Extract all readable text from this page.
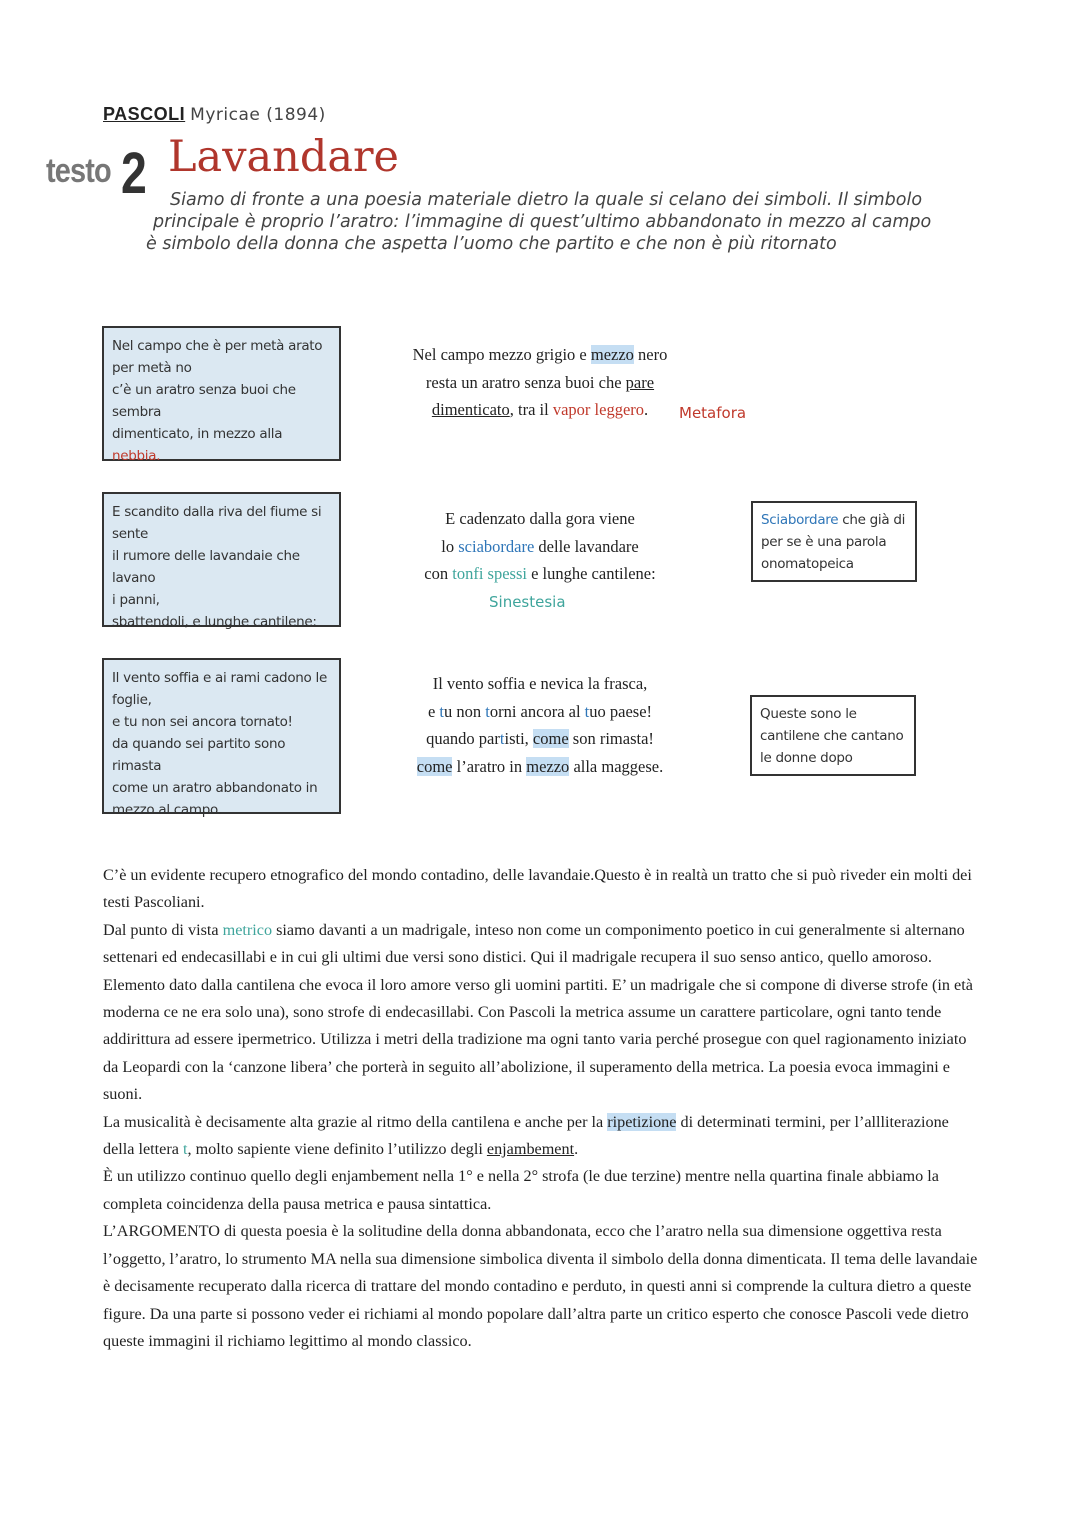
PASCOLI Myricae (1894)
testo 2 Lavandare
Siamo di fronte a una poesia materiale dietro la quale si celano dei simboli. Il simbolo
principale è proprio l’aratro: l’immagine di quest’ultimo abbandonato in mezzo al campo
è simbolo della donna che aspetta l’uomo che partito e che non è più ritornato
Nel campo che è per metà arato
per metà no
c’è un aratro senza buoi che
sembra
dimenticato, in mezzo alla nebbia.
Nel campo mezzo grigio e mezzo nero
resta un aratro senza buoi che pare
dimenticato, tra il vapor leggero.	Metafora
E scandito dalla riva del fiume si
sente
il rumore delle lavandaie che lavano
i panni,
sbattendoli, e lunghe cantilene:
E cadenzato dalla gora viene
lo sciabordare delle lavandare
con tonfi spessi e lunghe cantilene:
Sinestesia
Sciabordare che già di
per se è una parola
onomatopeica
Il vento soffia e ai rami cadono le
foglie,
e tu non sei ancora tornato!
da quando sei partito sono rimasta
come un aratro abbandonato in
mezzo al campo.
Il vento soffia e nevica la frasca,
e tu non torni ancora al tuo paese!
quando partisti, come son rimasta!
come l’aratro in mezzo alla maggese.
Queste sono le
cantilene che cantano
le donne dopo

C’è un evidente recupero etnografico del mondo contadino, delle lavandaie.Questo è in realtà un tratto che si può riveder ein molti dei testi Pascoliani.

Dal punto di vista metrico siamo davanti a un madrigale, inteso non come un componimento poetico in cui generalmente si alternano settenari ed endecasillabi e in cui gli ultimi due versi sono distici. Qui il madrigale recupera il suo senso antico, quello amoroso. Elemento dato dalla cantilena che evoca il loro amore verso gli uomini partiti. E’ un madrigale che si compone di diverse strofe (in età moderna ce ne era solo una), sono strofe di endecasillabi. Con Pascoli la metrica assume un carattere particolare, ogni tanto tende addirittura ad essere ipermetrico. Utilizza i metri della tradizione ma ogni tanto varia perché prosegue con quel ragionamento iniziato da Leopardi con la ‘canzone libera’ che porterà in seguito all’abolizione, il superamento della metrica. La poesia evoca immagini e suoni.

La musicalità è decisamente alta grazie al ritmo della cantilena e anche per la ripetizione di determinati termini, per l’allliterazione della lettera t, molto sapiente viene definito l’utilizzo degli enjambement.

È un utilizzo continuo quello degli enjambement nella 1° e nella 2° strofa (le due terzine) mentre nella quartina finale abbiamo la completa coincidenza della pausa metrica e pausa sintattica.

L’ARGOMENTO di questa poesia è la solitudine della donna abbandonata, ecco che l’aratro nella sua dimensione oggettiva resta l’oggetto, l’aratro, lo strumento MA nella sua dimensione simbolica diventa il simbolo della donna dimenticata. Il tema delle lavandaie è decisamente recuperato dalla ricerca di trattare del mondo contadino e perduto, in questi anni si comprende la cultura dietro a queste figure. Da una parte si possono veder ei richiami al mondo popolare dall’altra parte un critico esperto che conosce Pascoli vede dietro queste immagini il richiamo legittimo al mondo classico.
